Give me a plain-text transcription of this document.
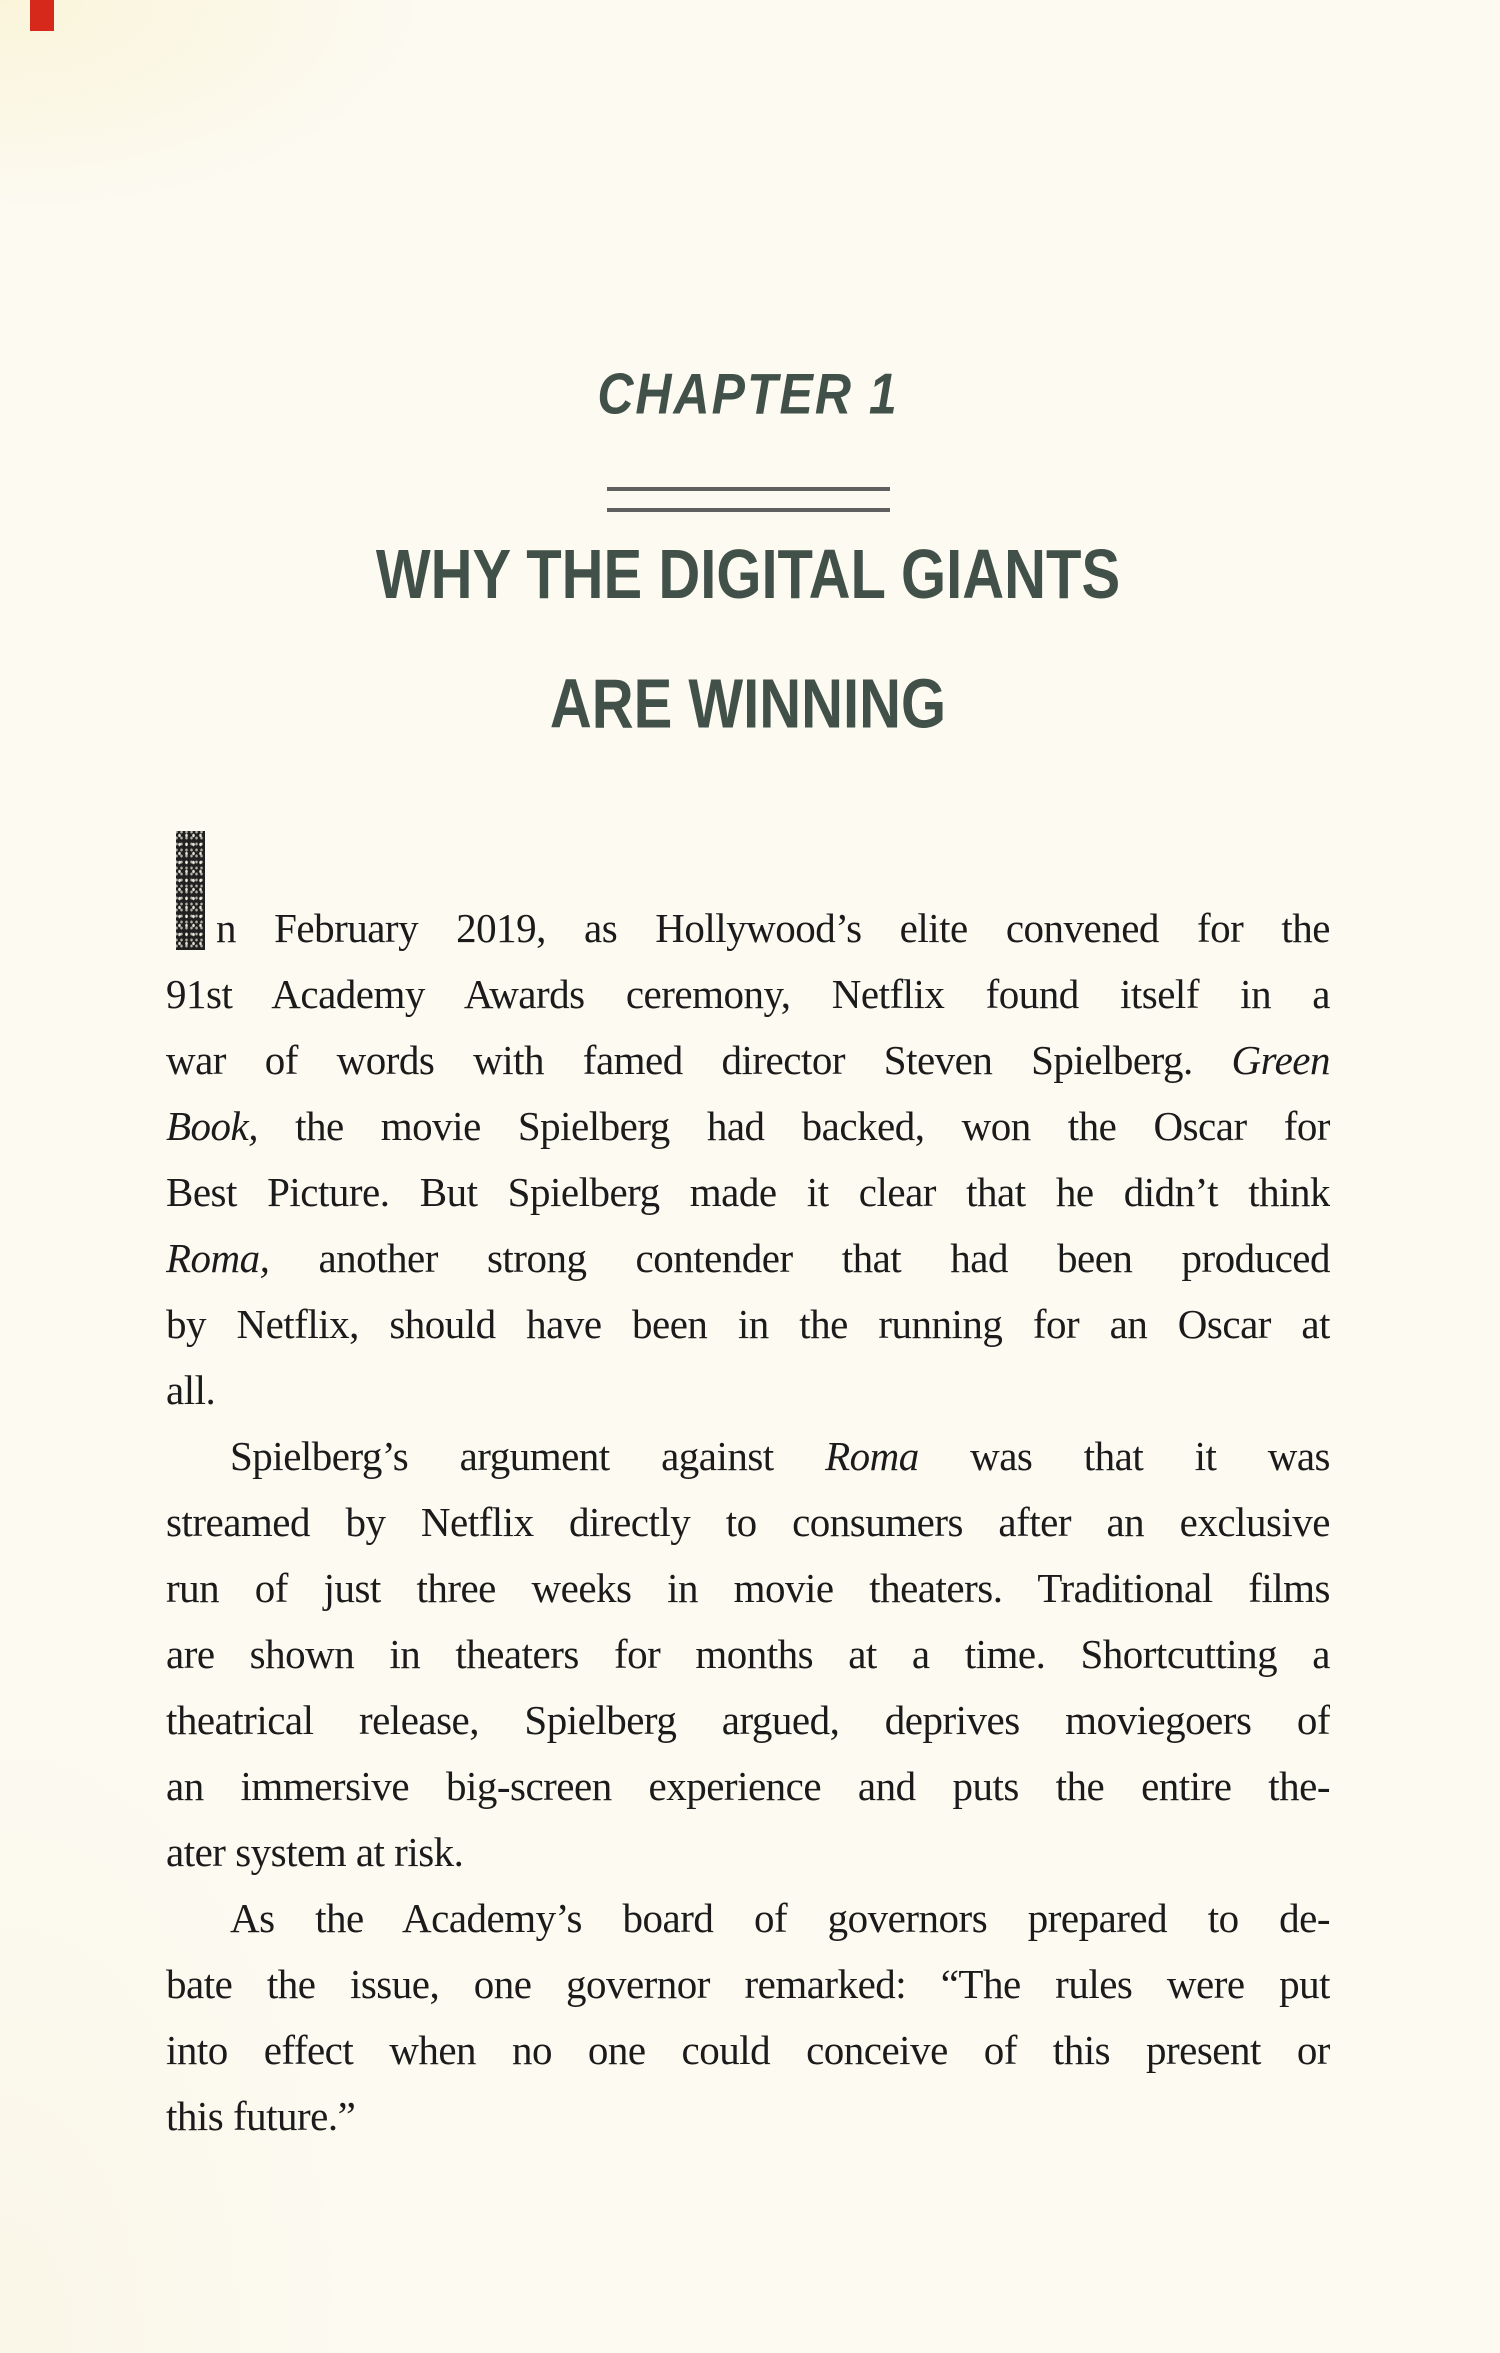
CHAPTER 1
WHY THE DIGITAL GIANTS
ARE WINNING
n February 2019, as Hollywood’s elite convened for the
91st Academy Awards ceremony, Netflix found itself in a
war of words with famed director Steven Spielberg. Green
Book, the movie Spielberg had backed, won the Oscar for
Best Picture. But Spielberg made it clear that he didn’t think
Roma, another strong contender that had been produced
by Netflix, should have been in the running for an Oscar at
all.
Spielberg’s argument against Roma was that it was
streamed by Netflix directly to consumers after an exclusive
run of just three weeks in movie theaters. Traditional films
are shown in theaters for months at a time. Shortcutting a
theatrical release, Spielberg argued, deprives moviegoers of
an immersive big-screen experience and puts the entire the-
ater system at risk.
As the Academy’s board of governors prepared to de-
bate the issue, one governor remarked: “The rules were put
into effect when no one could conceive of this present or
this future.”
